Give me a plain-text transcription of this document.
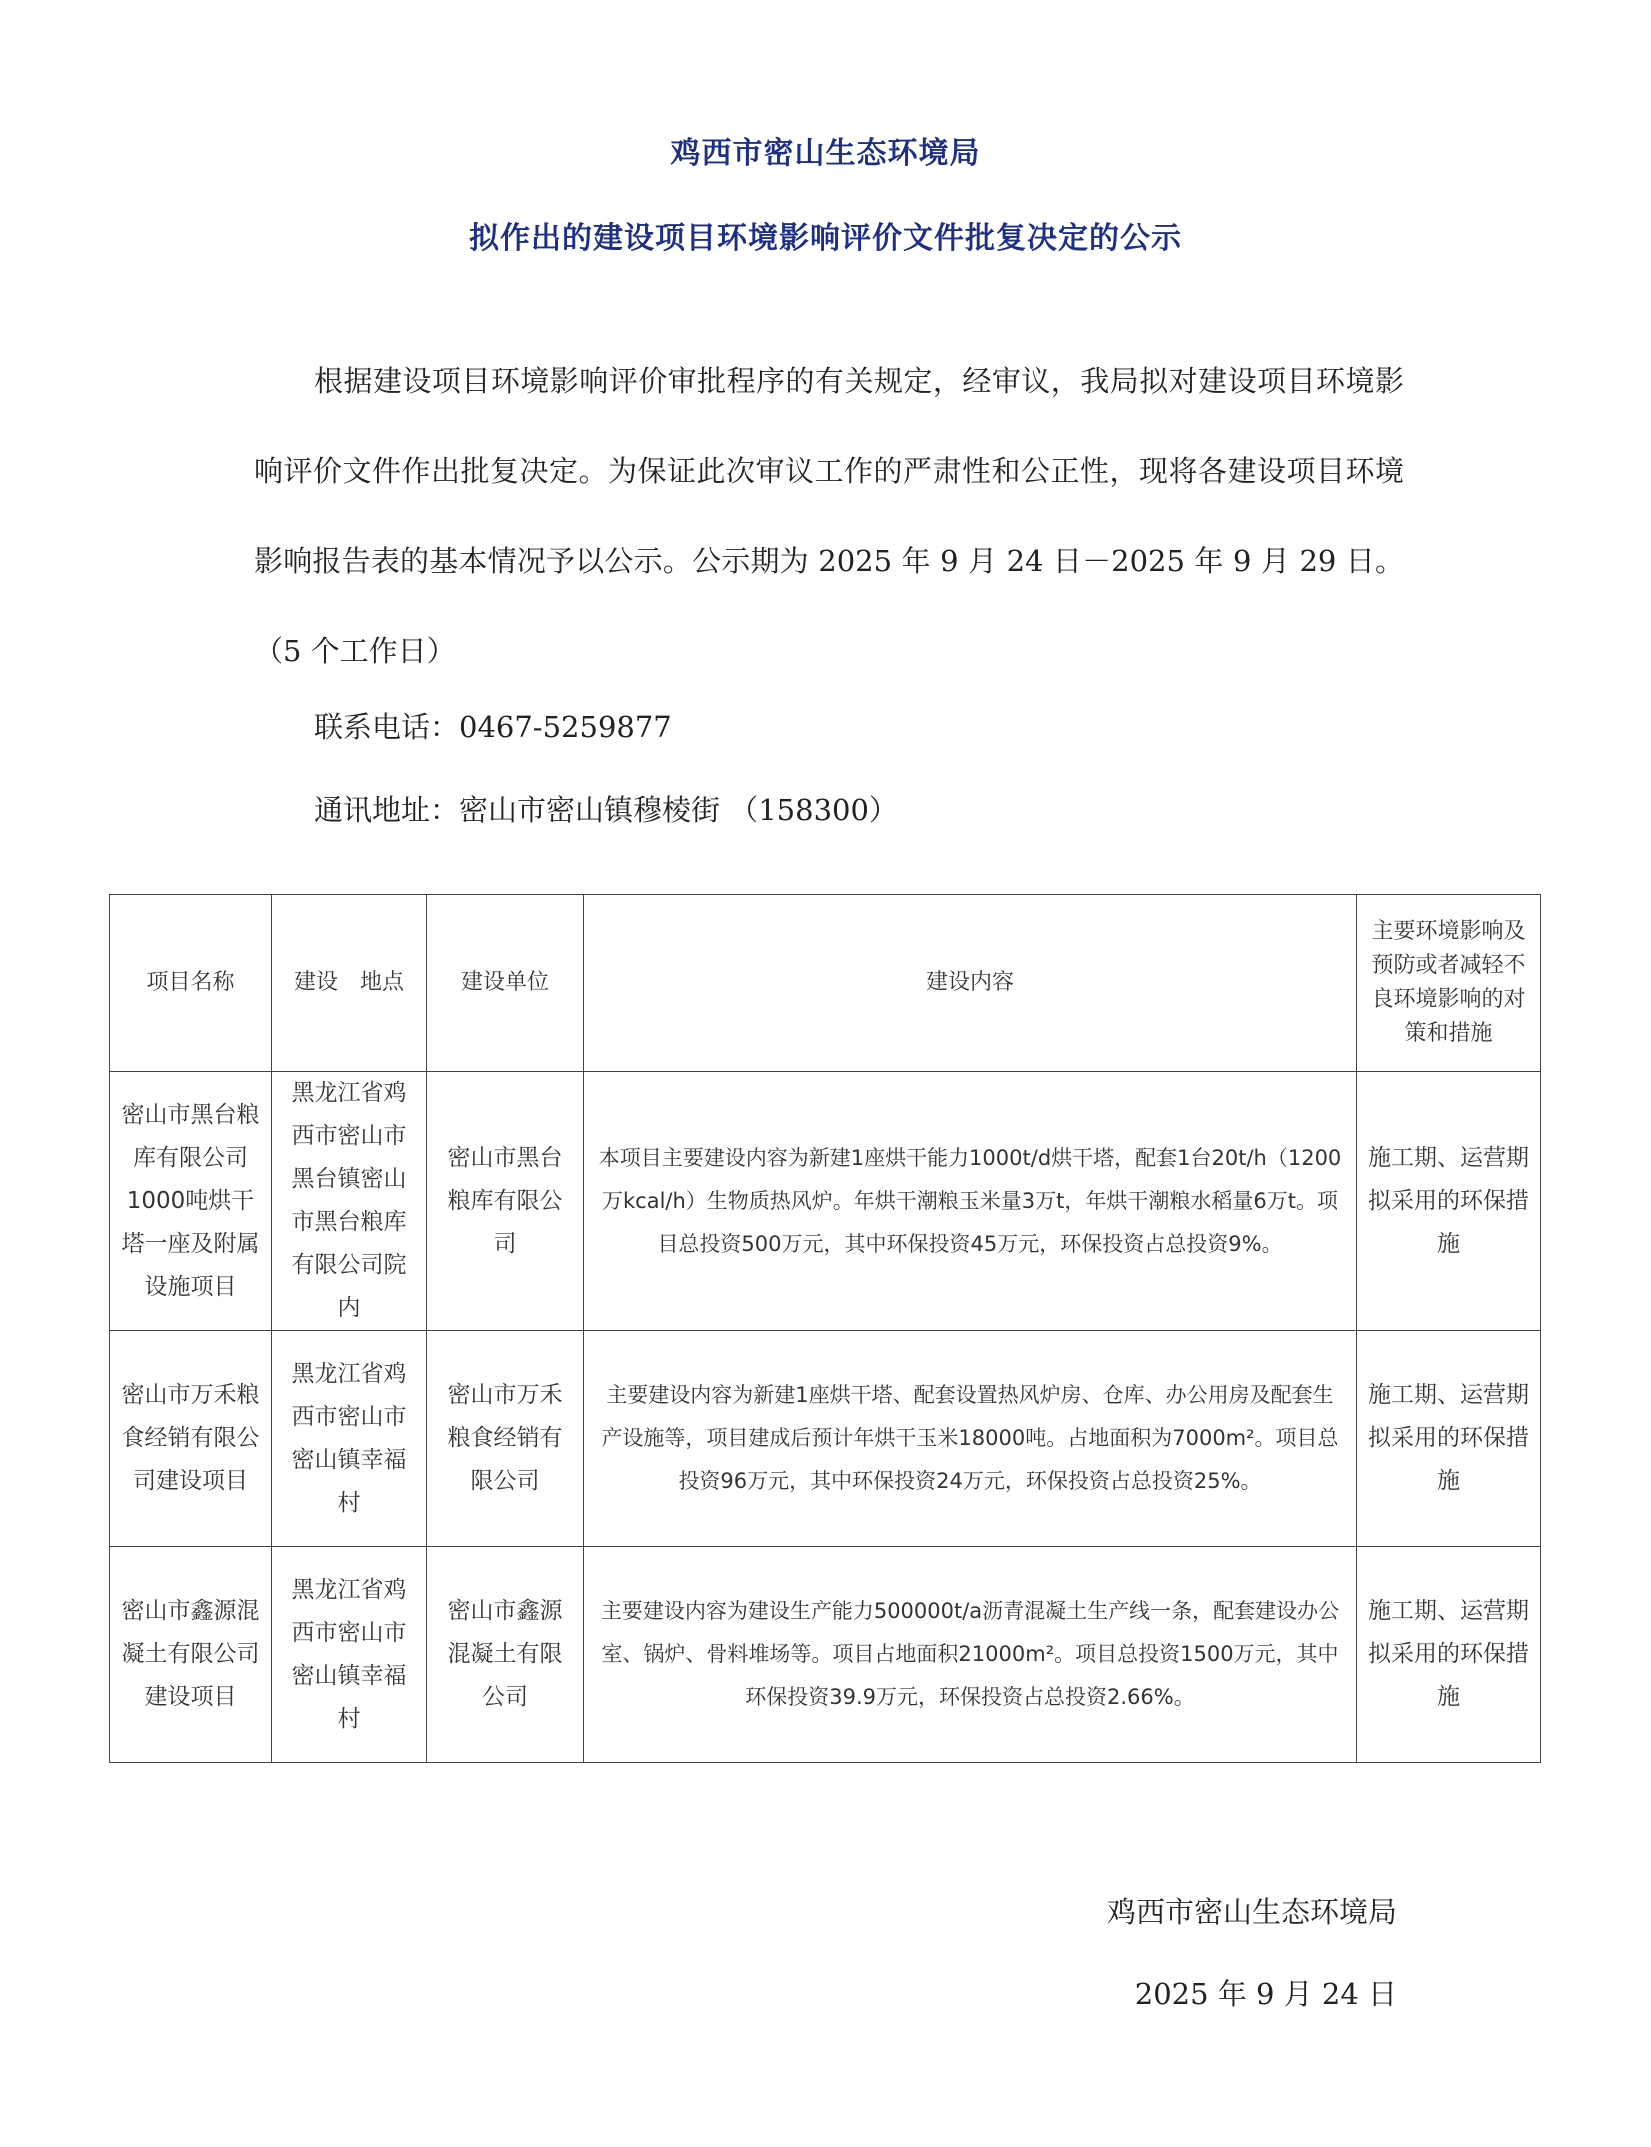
鸡西市密山生态环境局
拟作出的建设项目环境影响评价文件批复决定的公示
根据建设项目环境影响评价审批程序的有关规定，经审议，我局拟对建设项目环境影响评价文件作出批复决定。为保证此次审议工作的严肃性和公正性，现将各建设项目环境影响报告表的基本情况予以公示。公示期为 2025 年 9 月 24 日－2025 年 9 月 29 日。（5 个工作日）
联系电话：0467-5259877
通讯地址：密山市密山镇穆棱街 （158300）
项目名称	建设　地点	建设单位	建设内容	主要环境影响及预防或者减轻不良环境影响的对策和措施
密山市黑台粮库有限公司1000吨烘干塔一座及附属设施项目	黑龙江省鸡西市密山市黑台镇密山市黑台粮库有限公司院内	密山市黑台粮库有限公司	本项目主要建设内容为新建1座烘干能力1000t/d烘干塔，配套1台20t/h（1200万kcal/h）生物质热风炉。年烘干潮粮玉米量3万t，年烘干潮粮水稻量6万t。项目总投资500万元，其中环保投资45万元，环保投资占总投资9%。	施工期、运营期拟采用的环保措施
密山市万禾粮食经销有限公司建设项目	黑龙江省鸡西市密山市密山镇幸福村	密山市万禾粮食经销有限公司	主要建设内容为新建1座烘干塔、配套设置热风炉房、仓库、办公用房及配套生产设施等，项目建成后预计年烘干玉米18000吨。占地面积为7000m²。项目总投资96万元，其中环保投资24万元，环保投资占总投资25%。	施工期、运营期拟采用的环保措施
密山市鑫源混凝土有限公司建设项目	黑龙江省鸡西市密山市密山镇幸福村	密山市鑫源混凝土有限公司	主要建设内容为建设生产能力500000t/a沥青混凝土生产线一条，配套建设办公室、锅炉、骨料堆场等。项目占地面积21000m²。项目总投资1500万元，其中环保投资39.9万元，环保投资占总投资2.66%。	施工期、运营期拟采用的环保措施
鸡西市密山生态环境局
2025 年 9 月 24 日
